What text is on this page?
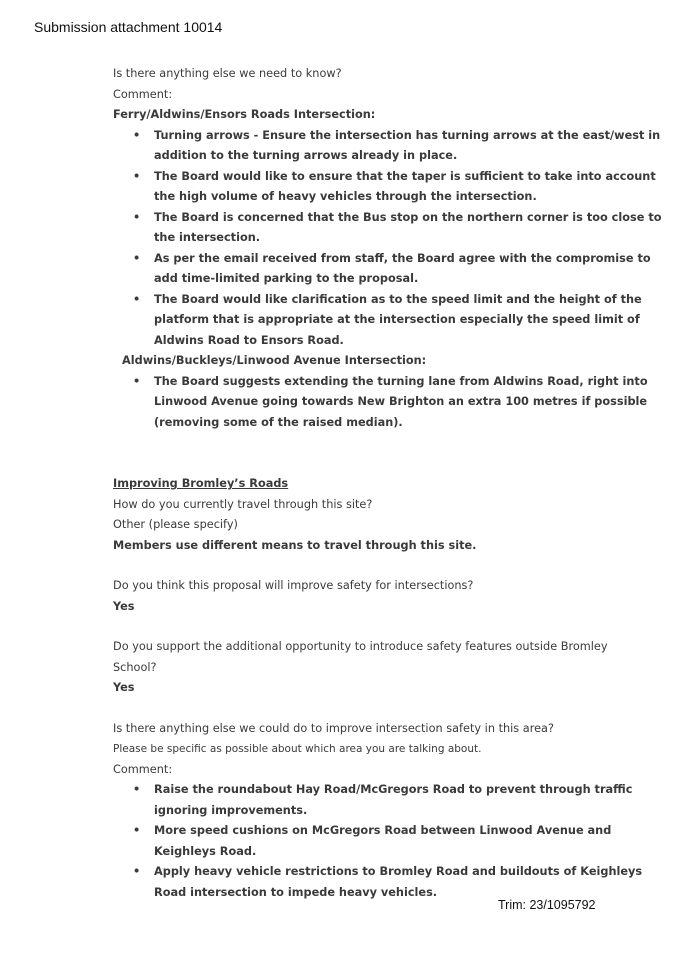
Submission attachment 10014
Is there anything else we need to know?
Comment:
Ferry/Aldwins/Ensors Roads Intersection:
• Turning arrows - Ensure the intersection has turning arrows at the east/west in
addition to the turning arrows already in place.
• The Board would like to ensure that the taper is sufficient to take into account
the high volume of heavy vehicles through the intersection.
• The Board is concerned that the Bus stop on the northern corner is too close to
the intersection.
• As per the email received from staff, the Board agree with the compromise to
add time-limited parking to the proposal.
• The Board would like clarification as to the speed limit and the height of the
platform that is appropriate at the intersection especially the speed limit of
Aldwins Road to Ensors Road.
Aldwins/Buckleys/Linwood Avenue Intersection:
• The Board suggests extending the turning lane from Aldwins Road, right into
Linwood Avenue going towards New Brighton an extra 100 metres if possible
(removing some of the raised median).
Improving Bromley’s Roads
How do you currently travel through this site?
Other (please specify)
Members use different means to travel through this site.
Do you think this proposal will improve safety for intersections?
Yes
Do you support the additional opportunity to introduce safety features outside Bromley
School?
Yes
Is there anything else we could do to improve intersection safety in this area?
Please be specific as possible about which area you are talking about.
Comment:
• Raise the roundabout Hay Road/McGregors Road to prevent through traffic
ignoring improvements.
• More speed cushions on McGregors Road between Linwood Avenue and
Keighleys Road.
• Apply heavy vehicle restrictions to Bromley Road and buildouts of Keighleys
Road intersection to impede heavy vehicles.
Trim: 23/1095792
